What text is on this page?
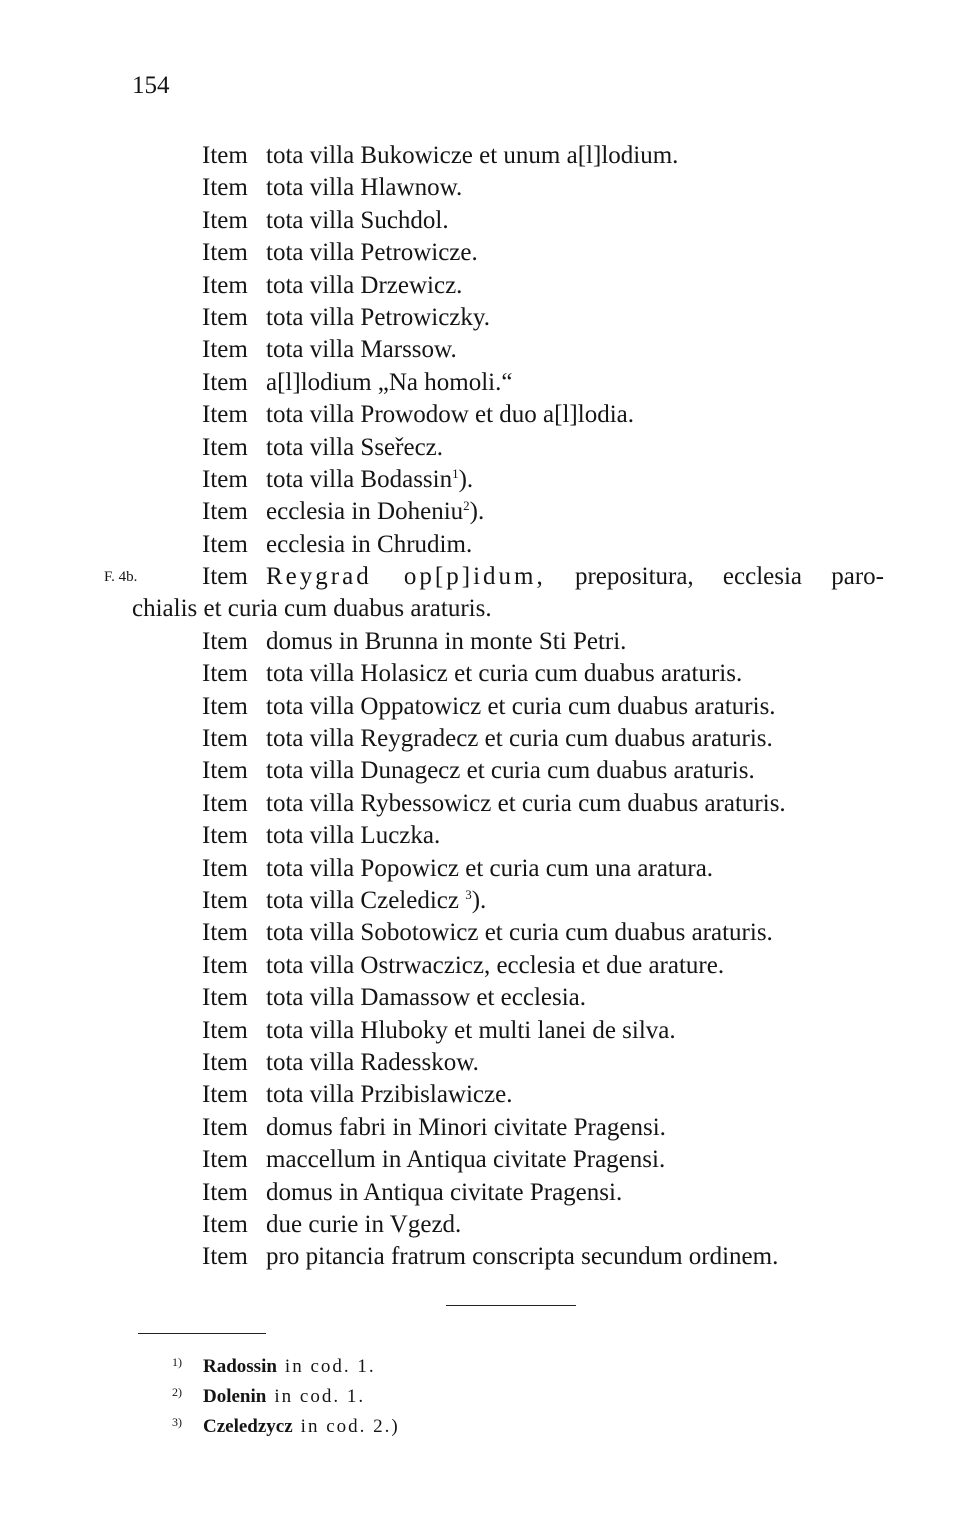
154
Item tota villa Bukowicze et unum a[l]lodium.
Item tota villa Hlawnow.
Item tota villa Suchdol.
Item tota villa Petrowicze.
Item tota villa Drzewicz.
Item tota villa Petrowiczky.
Item tota villa Marssow.
Item a[l]lodium „Na homoli.“
Item tota villa Prowodow et duo a[l]lodia.
Item tota villa Sseřecz.
Item tota villa Bodassin$^1$).
Item ecclesia in Doheniu$^2$).
Item ecclesia in Chrudim.
F. 4b.	Item Reygrad op[p]idum, prepositura, ecclesia paro-
chialis et curia cum duabus araturis.
Item domus in Brunna in monte Sti Petri.
Item tota villa Holasicz et curia cum duabus araturis.
Item tota villa Oppatowicz et curia cum duabus araturis.
Item tota villa Reygradecz et curia cum duabus araturis.
Item tota villa Dunagecz et curia cum duabus araturis.
Item tota villa Rybessowicz et curia cum duabus araturis.
Item tota villa Luczka.
Item tota villa Popowicz et curia cum una aratura.
Item tota villa Czeledicz $^3$).
Item tota villa Sobotowicz et curia cum duabus araturis.
Item tota villa Ostrwaczicz, ecclesia et due arature.
Item tota villa Damassow et ecclesia.
Item tota villa Hluboky et multi lanei de silva.
Item tota villa Radesskow.
Item tota villa Przibislawicze.
Item domus fabri in Minori civitate Pragensi.
Item maccellum in Antiqua civitate Pragensi.
Item domus in Antiqua civitate Pragensi.
Item due curie in Vgezd.
Item pro pitancia fratrum conscripta secundum ordinem.
1) Radossin in cod. 1.
2) Dolenin in cod. 1.
3) Czeledzycz in cod. 2.)
